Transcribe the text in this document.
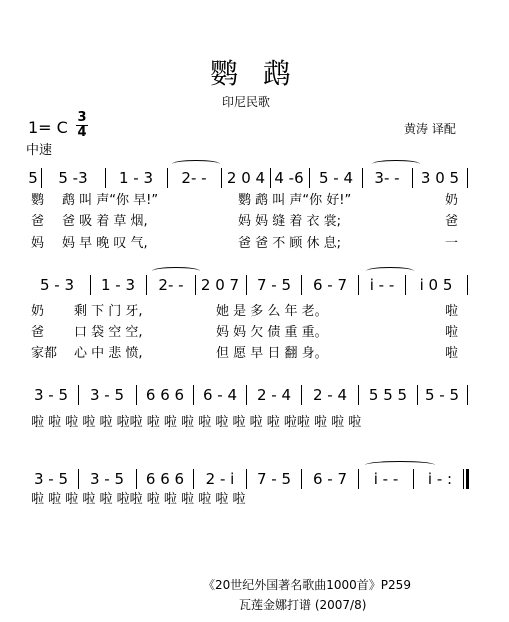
鹦 鹉
印尼民歌
1= C
3
4
中速
黄涛 译配
5	5 -3	1 - 3	2- -	2 0 4 4 -6	5 - 4	3- -	3 0 5
鹦 鹉 叫 声“你 早!”	鹦 鹉 叫 声“你 好!”	奶
爸 爸 吸 着 草 烟,	妈 妈 缝 着 衣 裳;	爸
妈 妈 早 晚 叹 气,	爸 爸 不 顾 休 息;	一
5 - 3	1 - 3	2- -	2 0 7	7 - 5	6 - 7	i - -	i 0 5
奶 剩 下 门 牙,	她 是 多 么 年 老。	啦
爸 口 袋 空 空,	妈 妈 欠 债 重 重。	啦
家都 心 中 悲 愤,	但 愿 早 日 翻 身。	啦
3 - 5	3 - 5	6 6 6	6 - 4	2 - 4	2 - 4	5 5 5	5 - 5
啦 啦 啦 啦 啦 啦啦 啦 啦 啦 啦 啦 啦 啦 啦 啦啦 啦 啦 啦
3 - 5	3 - 5	6 6 6	2 - i	7 - 5	6 - 7	i - -	i - :
啦 啦 啦 啦 啦 啦啦 啦 啦 啦 啦 啦 啦
《20世纪外国著名歌曲1000首》P259
瓦莲金娜打谱 (2007/8)
